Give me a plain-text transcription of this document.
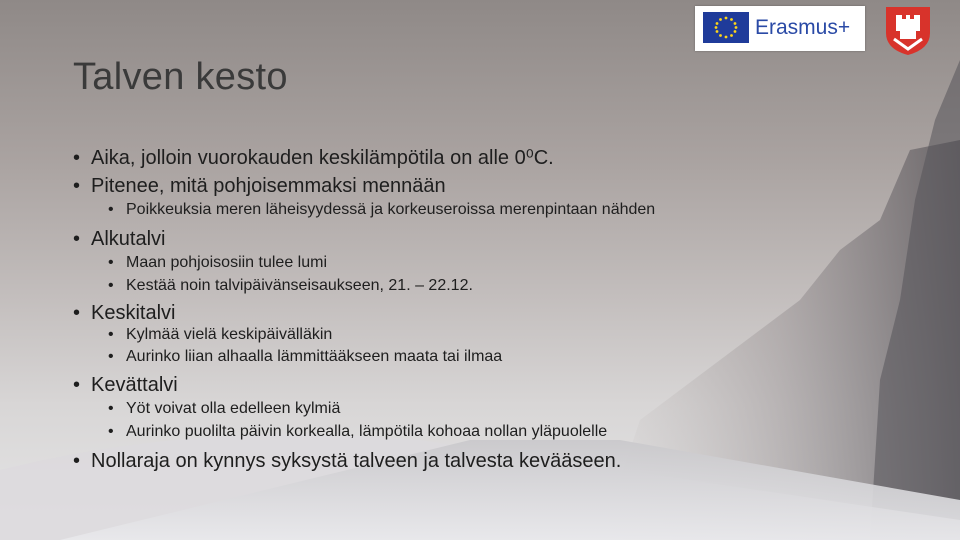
Talven kesto
Erasmus+
• Aika, jolloin vuorokauden keskilämpötila on alle 0⁰C.
• Pitenee, mitä pohjoisemmaksi mennään
• Poikkeuksia meren läheisyydessä ja korkeuseroissa merenpintaan nähden
• Alkutalvi
• Maan pohjoisosiin tulee lumi
• Kestää noin talvipäivänseisaukseen, 21. – 22.12.
• Keskitalvi
• Kylmää vielä keskipäivälläkin
• Aurinko liian alhaalla lämmittääkseen maata tai ilmaa
• Kevättalvi
• Yöt voivat olla edelleen kylmiä
• Aurinko puolilta päivin korkealla, lämpötila kohoaa nollan yläpuolelle
• Nollaraja on kynnys syksystä talveen ja talvesta kevääseen.
